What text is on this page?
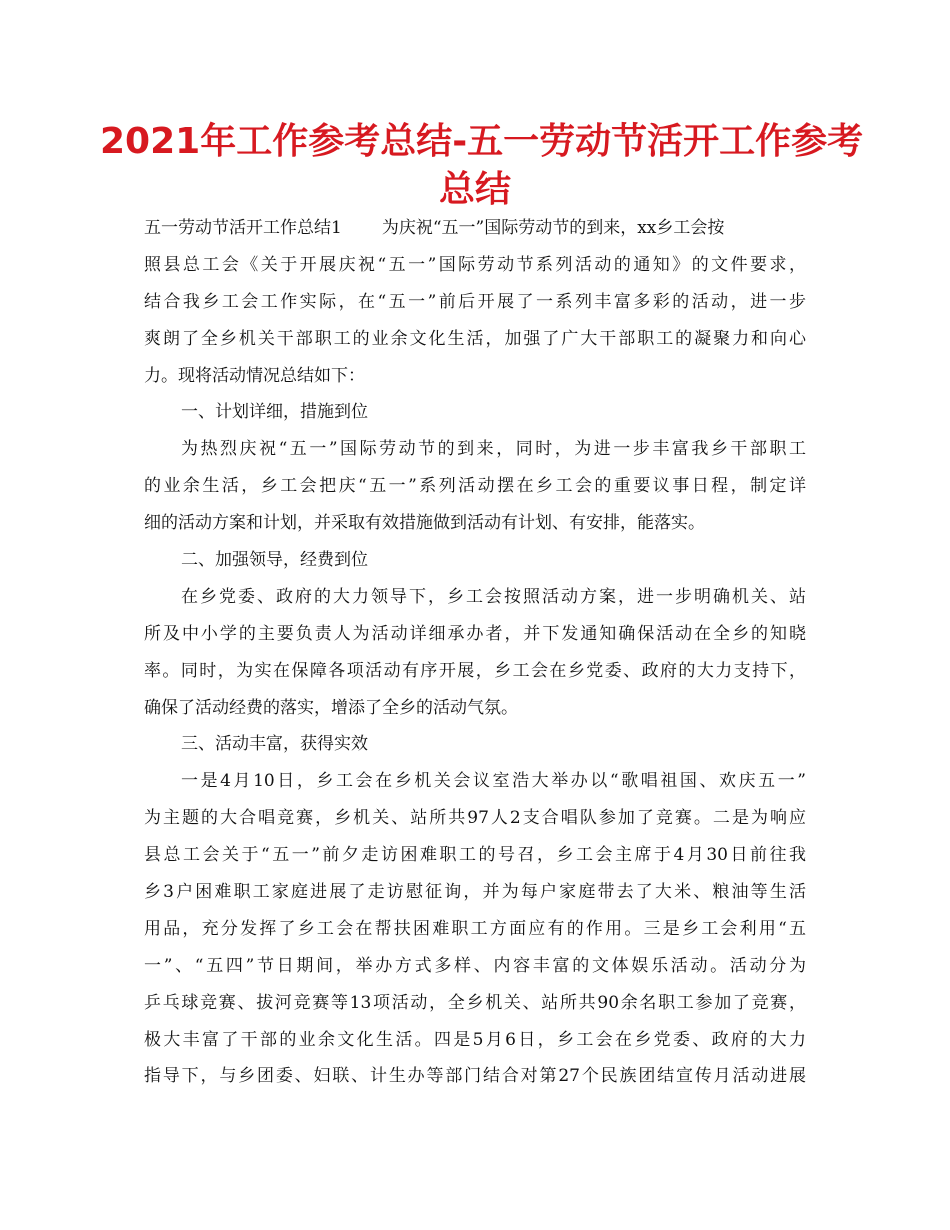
2021年工作参考总结-五一劳动节活开工作参考
总结
五一劳动节活开工作总结1 为庆祝“五一”国际劳动节的到来，xx乡工会按
照县总工会《关于开展庆祝“五一”国际劳动节系列活动的通知》的文件要求，
结合我乡工会工作实际，在“五一”前后开展了一系列丰富多彩的活动，进一步
爽朗了全乡机关干部职工的业余文化生活，加强了广大干部职工的凝聚力和向心
力。现将活动情况总结如下：
一、计划详细，措施到位
为热烈庆祝“五一”国际劳动节的到来，同时，为进一步丰富我乡干部职工
的业余生活，乡工会把庆“五一”系列活动摆在乡工会的重要议事日程，制定详
细的活动方案和计划，并采取有效措施做到活动有计划、有安排，能落实。
二、加强领导，经费到位
在乡党委、政府的大力领导下，乡工会按照活动方案，进一步明确机关、站
所及中小学的主要负责人为活动详细承办者，并下发通知确保活动在全乡的知晓
率。同时，为实在保障各项活动有序开展，乡工会在乡党委、政府的大力支持下，
确保了活动经费的落实，增添了全乡的活动气氛。
三、活动丰富，获得实效
一是4月10日，乡工会在乡机关会议室浩大举办以“歌唱祖国、欢庆五一”
为主题的大合唱竞赛，乡机关、站所共97人2支合唱队参加了竞赛。二是为响应
县总工会关于“五一”前夕走访困难职工的号召，乡工会主席于4月30日前往我
乡3户困难职工家庭进展了走访慰征询，并为每户家庭带去了大米、粮油等生活
用品，充分发挥了乡工会在帮扶困难职工方面应有的作用。三是乡工会利用“五
一”、“五四”节日期间，举办方式多样、内容丰富的文体娱乐活动。活动分为
乒乓球竞赛、拔河竞赛等13项活动，全乡机关、站所共90余名职工参加了竞赛，
极大丰富了干部的业余文化生活。四是5月6日，乡工会在乡党委、政府的大力
指导下，与乡团委、妇联、计生办等部门结合对第27个民族团结宣传月活动进展
